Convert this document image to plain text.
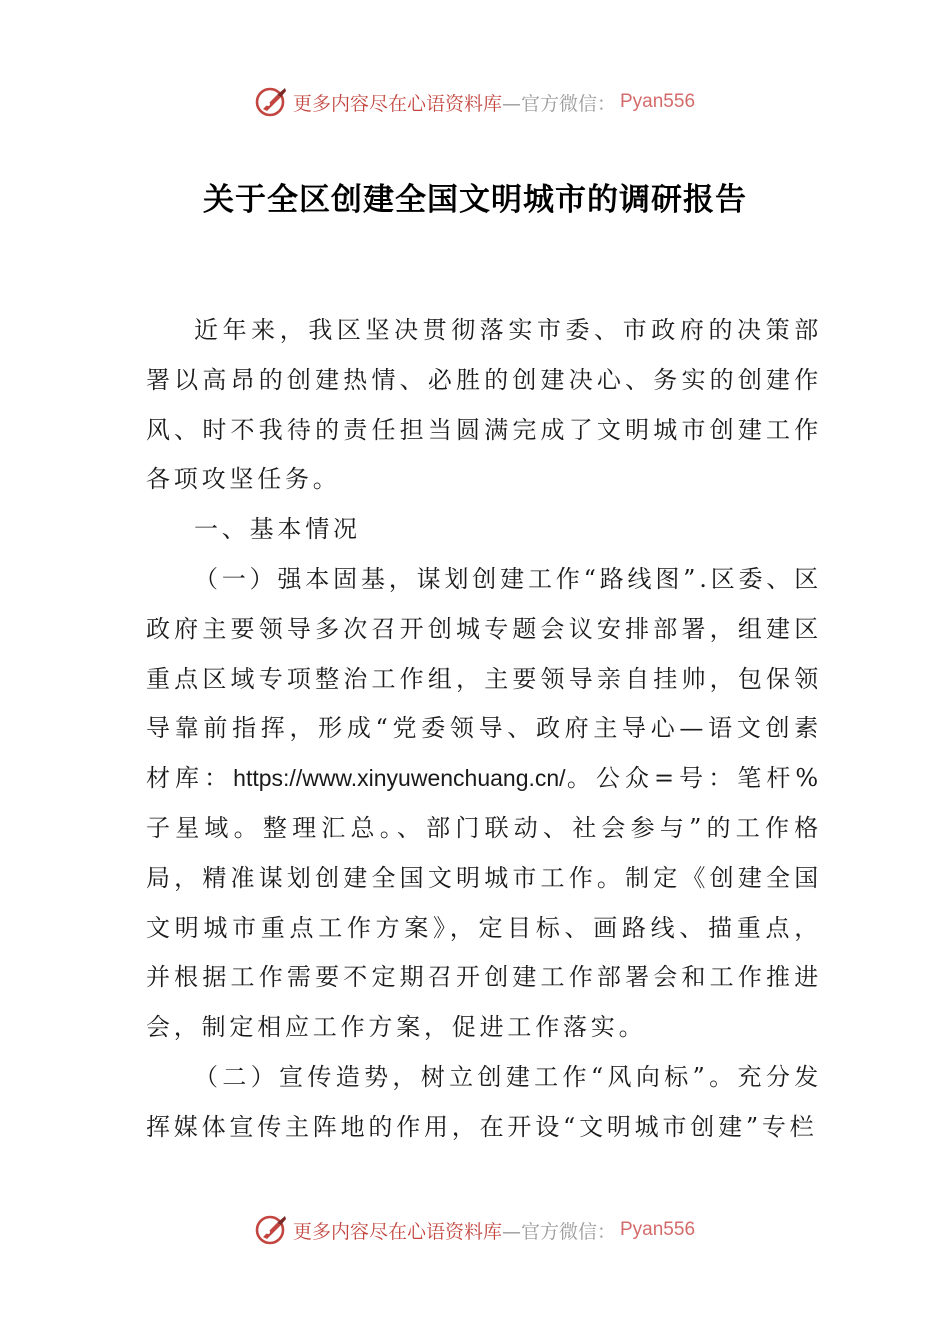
更多内容尽在心语资料库 —官方微信： Pyan556
关于全区创建全国文明城市的调研报告

近年来，我区坚决贯彻落实市委、市政府的决策部署以高昂的创建热情、必胜的创建决心、务实的创建作风、时不我待的责任担当圆满完成了文明城市创建工作各项攻坚任务。

一、基本情况

（一）强本固基，谋划创建工作“路线图”.区委、区政府主要领导多次召开创城专题会议安排部署，组建区重点区域专项整治工作组，主要领导亲自挂帅，包保领导靠前指挥，形成“党委领导、政府主导心—语文创素材库：https://www.xinyuwenchuang.cn/。公众=号：笔杆%子星域。整理汇总。、部门联动、社会参与”的工作格局，精准谋划创建全国文明城市工作。制定《创建全国文明城市重点工作方案》，定目标、画路线、描重点，并根据工作需要不定期召开创建工作部署会和工作推进会，制定相应工作方案，促进工作落实。

（二）宣传造势，树立创建工作“风向标”。充分发挥媒体宣传主阵地的作用，在开设“文明城市创建”专栏

更多内容尽在心语资料库 —官方微信： Pyan556
